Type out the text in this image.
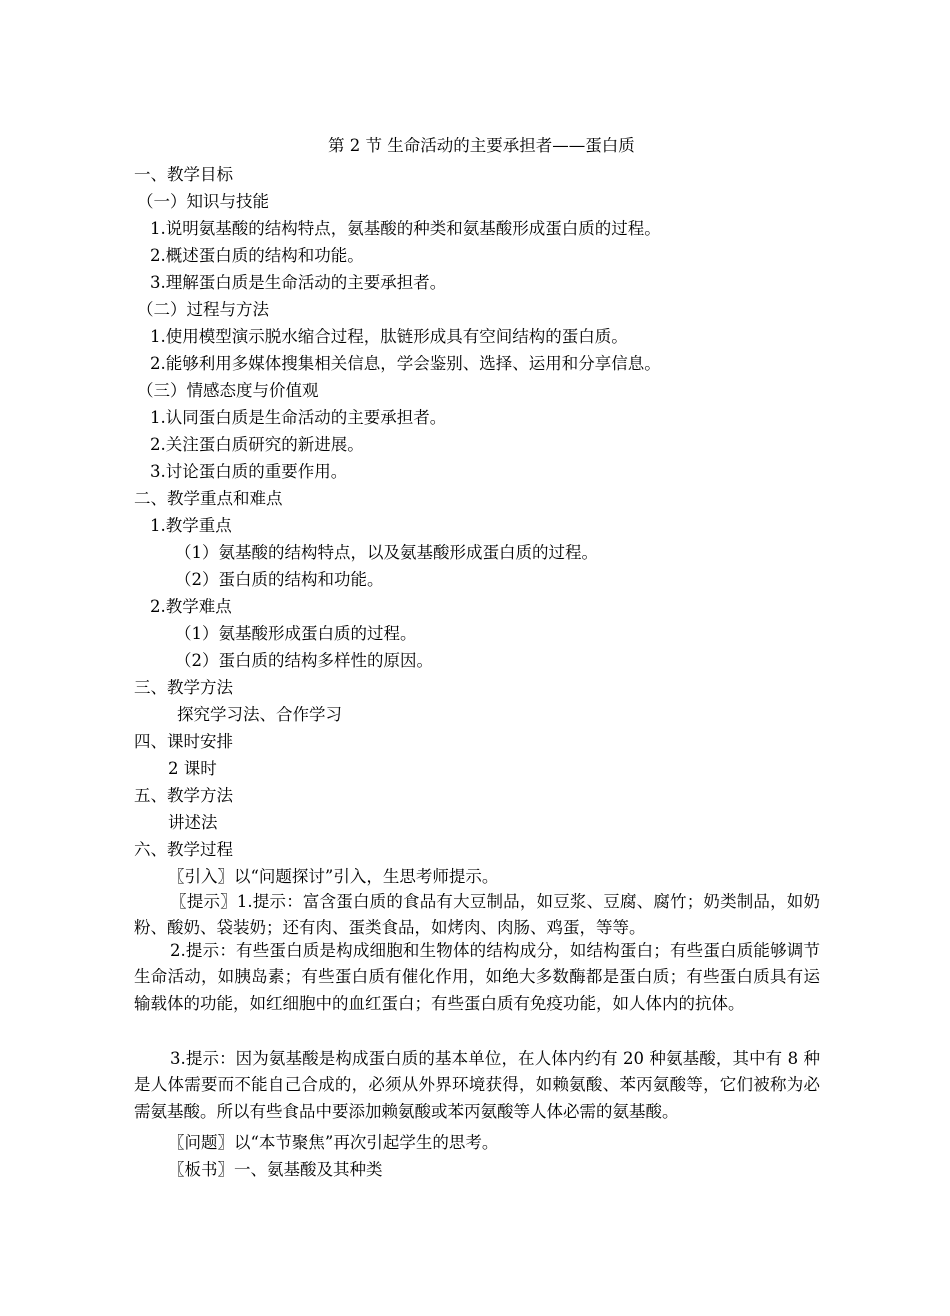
第 2 节 生命活动的主要承担者——蛋白质
一、教学目标
（一）知识与技能
1.说明氨基酸的结构特点，氨基酸的种类和氨基酸形成蛋白质的过程。
2.概述蛋白质的结构和功能。
3.理解蛋白质是生命活动的主要承担者。
（二）过程与方法
1.使用模型演示脱水缩合过程，肽链形成具有空间结构的蛋白质。
2.能够利用多媒体搜集相关信息，学会鉴别、选择、运用和分享信息。
（三）情感态度与价值观
1.认同蛋白质是生命活动的主要承担者。
2.关注蛋白质研究的新进展。
3.讨论蛋白质的重要作用。
二、教学重点和难点
1.教学重点
（1）氨基酸的结构特点，以及氨基酸形成蛋白质的过程。
（2）蛋白质的结构和功能。
2.教学难点
（1）氨基酸形成蛋白质的过程。
（2）蛋白质的结构多样性的原因。
三、教学方法
探究学习法、合作学习
四、课时安排
2 课时
五、教学方法
讲述法
六、教学过程
〖引入〗以“问题探讨”引入，生思考师提示。
〖提示〗1.提示：富含蛋白质的食品有大豆制品，如豆浆、豆腐、腐竹；奶类制品，如奶粉、酸奶、袋装奶；还有肉、蛋类食品，如烤肉、肉肠、鸡蛋，等等。
2.提示：有些蛋白质是构成细胞和生物体的结构成分，如结构蛋白；有些蛋白质能够调节生命活动，如胰岛素；有些蛋白质有催化作用，如绝大多数酶都是蛋白质；有些蛋白质具有运输载体的功能，如红细胞中的血红蛋白；有些蛋白质有免疫功能，如人体内的抗体。
3.提示：因为氨基酸是构成蛋白质的基本单位，在人体内约有 20 种氨基酸，其中有 8 种是人体需要而不能自己合成的，必须从外界环境获得，如赖氨酸、苯丙氨酸等，它们被称为必需氨基酸。所以有些食品中要添加赖氨酸或苯丙氨酸等人体必需的氨基酸。
〖问题〗以“本节聚焦”再次引起学生的思考。
〖板书〗一、氨基酸及其种类
